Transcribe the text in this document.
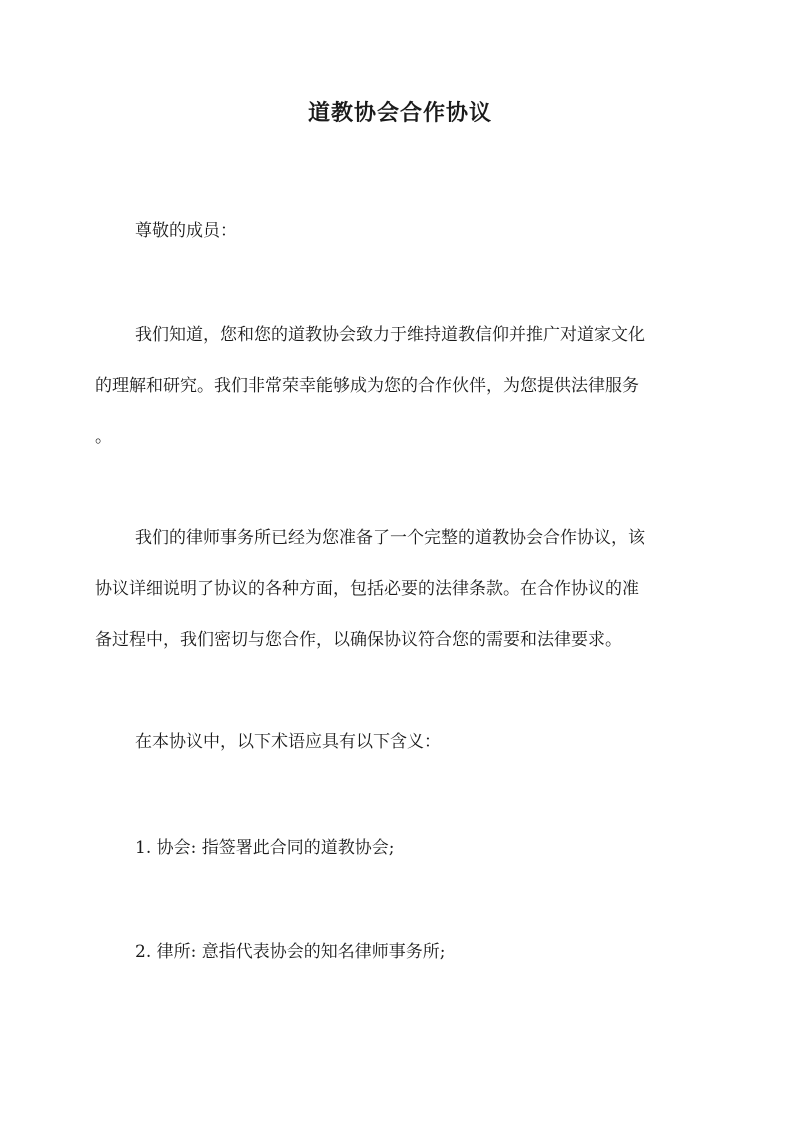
道教协会合作协议

尊敬的成员：

我们知道，您和您的道教协会致力于维持道教信仰并推广对道家文化
的理解和研究。我们非常荣幸能够成为您的合作伙伴，为您提供法律服务
。

我们的律师事务所已经为您准备了一个完整的道教协会合作协议，该
协议详细说明了协议的各种方面，包括必要的法律条款。在合作协议的准
备过程中，我们密切与您合作，以确保协议符合您的需要和法律要求。

在本协议中，以下术语应具有以下含义：

1. 协会: 指签署此合同的道教协会;

2. 律所: 意指代表协会的知名律师事务所;
